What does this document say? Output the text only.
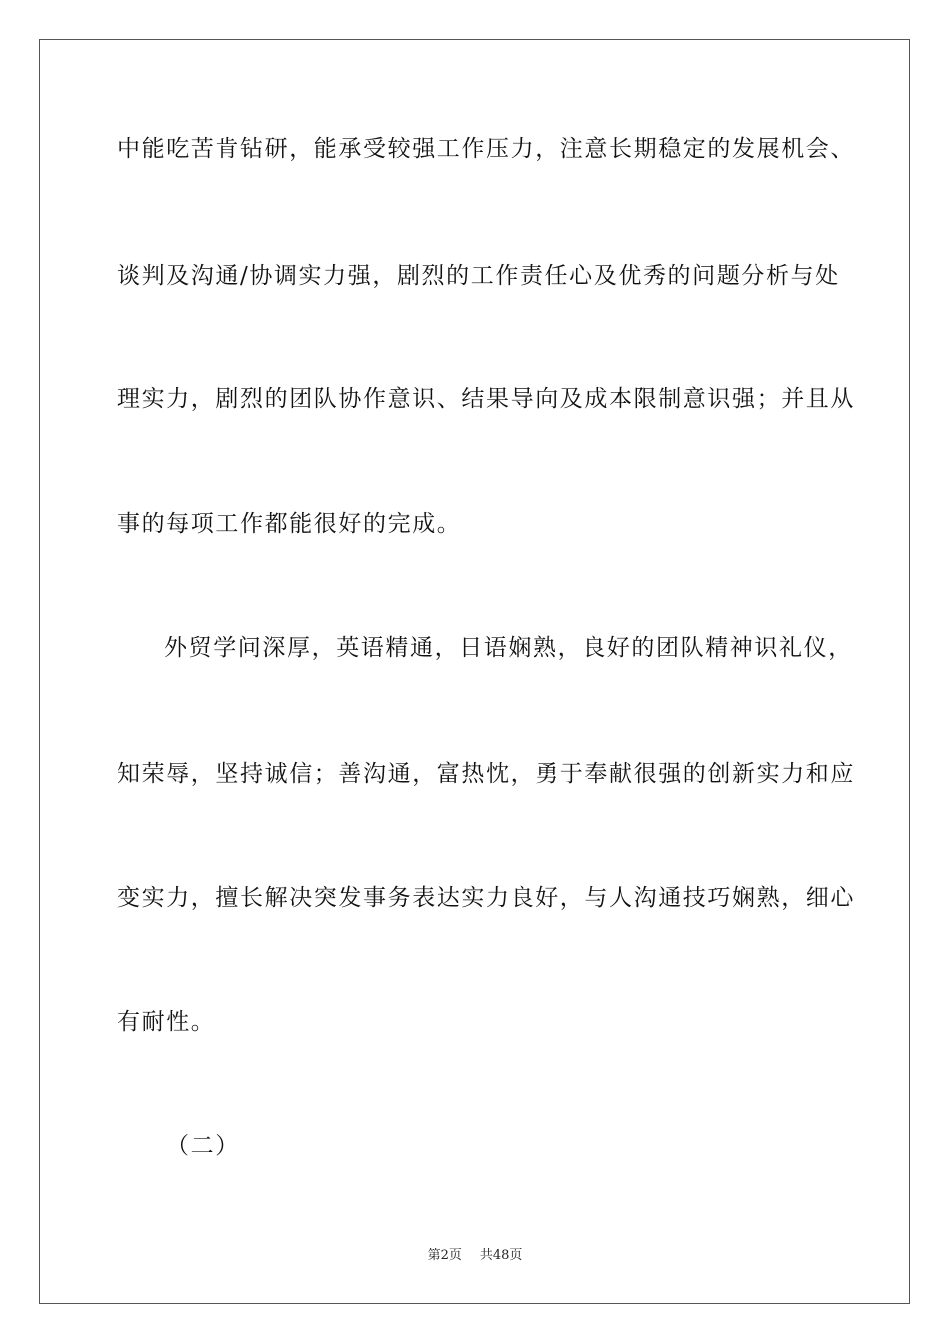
中能吃苦肯钻研，能承受较强工作压力，注意长期稳定的发展机会、
谈判及沟通/协调实力强，剧烈的工作责任心及优秀的问题分析与处
理实力，剧烈的团队协作意识、结果导向及成本限制意识强；并且从
事的每项工作都能很好的完成。
外贸学问深厚，英语精通，日语娴熟，良好的团队精神识礼仪，
知荣辱，坚持诚信；善沟通，富热忱，勇于奉献很强的创新实力和应
变实力，擅长解决突发事务表达实力良好，与人沟通技巧娴熟，细心
有耐性。
（二）
第2页 共48页
